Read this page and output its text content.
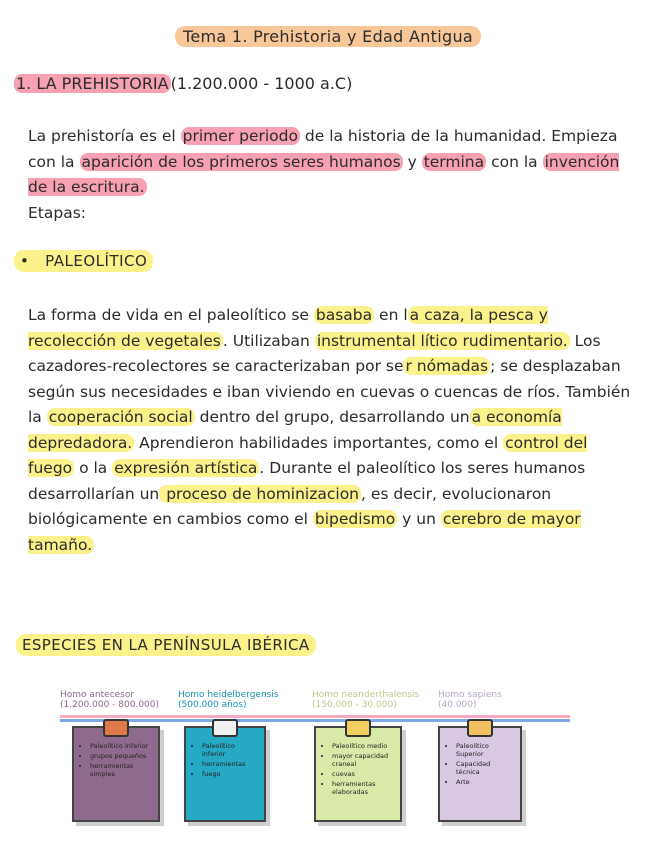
Tema 1. Prehistoria y Edad Antigua
1. LA PREHISTORIA (1.200.000 - 1000 a.C)

La prehistoría es el primer periodo de la historia de la humanidad. Empieza con la aparición de los primeros seres humanos y termina con la invención de la escritura.

Etapas:

• PALEOLÍTICO

La forma de vida en el paleolítico se basaba en l a caza, la pesca y recolección de vegetales . Utilizaban instrumental lítico rudimentario. Los cazadores-recolectores se caracterizaban por se r nómadas ; se desplazaban según sus necesidades e iban viviendo en cuevas o cuencas de ríos. También la cooperación social dentro del grupo, desarrollando un a economía depredadora. Aprendieron habilidades importantes, como el control del fuego o la expresión artística . Durante el paleolítico los seres humanos desarrollarían un proceso de hominizacion , es decir, evolucionaron biológicamente en cambios como el bipedismo y un cerebro de mayor tamaño.

ESPECIES EN LA PENÍNSULA IBÉRICA
Homo antecesor
(1.200.000 - 800.000)
Homo heidelbergensis
(500.000 años)
Homo neanderthalensis
(150.000 - 30.000)
Homo sapiens
(40.000)
• Paleolítico inferior
• grupos pequeños
• herramientas simples
• Paleolítico inferior
• herramientas
• fuego
• Paleolítico medio
• mayor capacidad craneal
• cuevas
• herramientas elaboradas
• Paleolítico Superior
• Capacidad técnica
• Arte
